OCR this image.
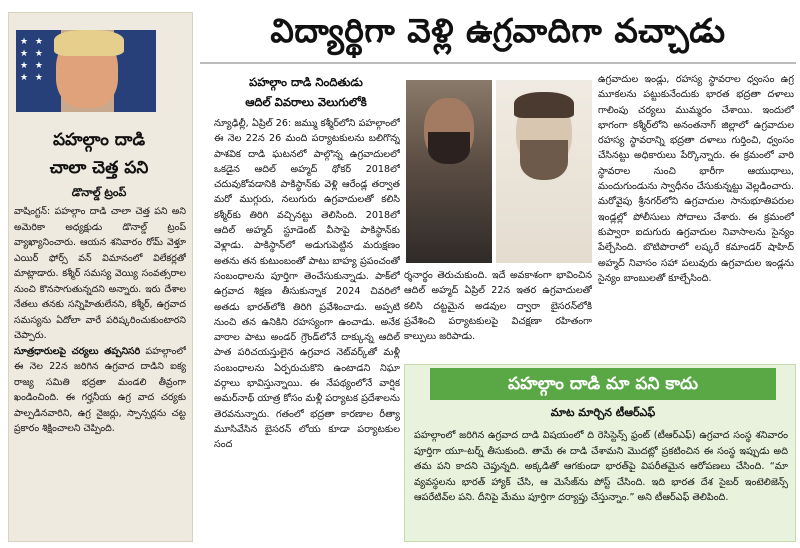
★ ★
★ ★
★ ★
★ ★
పహల్గాం దాడి
చాలా చెత్త పని
డొనాల్డ్ ట్రంప్
వాషింగ్టన్: పహల్గాం దాడి చాలా చెత్త పని అని అమెరికా అధ్యక్షుడు డొనాల్డ్ ట్రంప్ వ్యాఖ్యానించారు. ఆయన శనివారం రోమ్ వెళ్తూ ఎయిర్ ఫోర్స్ వన్ విమానంలో విలేకర్లతో మాట్లాడారు. కశ్మీర్ సమస్య వెయ్యి సంవత్సరాల నుంచి కొనసాగుతున్నదని అన్నారు. ఇరు దేశాల నేతలు తనకు సన్నిహితులేనని, కశ్మీర్, ఉగ్రవాద సమస్యను ఏదోలా వారే పరిష్కరించుకుంటారని చెప్పారు.
సూత్రధారులపై చర్యలు తప్పనిసరి పహల్గాంలో ఈ నెల 22న జరిగిన ఉగ్రవాద దాడిని ఐక్య రాజ్య సమితి భద్రతా మండలి తీవ్రంగా ఖండించింది. ఈ గర్హనీయ ఉగ్ర వాద చర్యకు పాల్పడినవారిని, ఉగ్ర నైజర్లు, స్పాన్సర్లను చట్ట ప్రకారం శిక్షించాలని చెప్పింది.
విద్యార్థిగా వెళ్లి ఉగ్రవాదిగా వచ్చాడు
పహల్గాం దాడి నిందితుడు
ఆదిల్ వివరాలు వెలుగులోకి
న్యూఢిల్లీ, ఏప్రిల్ 26: జమ్ము కశ్మీర్‌లోని పహల్గాంలో ఈ నెల 22న 26 మంది పర్యాటకులను బలిగొన్న పాశవిక దాడి ఘటనలో పాల్గొన్న ఉగ్రవాదులలో ఒకడైన ఆదిల్ అహ్మద్ థోకర్ 2018లో చదువుకోవడానికి పాకిస్థాన్‌కు వెళ్లి ఆరేండ్ల తర్వాత మరో ముగ్గురు, నలుగురు ఉగ్రవాదులతో కలిసి కశ్మీర్‌కు తిరిగి వచ్చినట్టు తెలిసింది. 2018లో ఆదిల్ అహ్మద్ స్టూడెంట్ వీసాపై పాకిస్థాన్‌కు వెళ్లాడు. పాకిస్థాన్‌లో అడుగుపెట్టిన మరుక్షణం అతను తన కుటుంబంతో పాటు బాహ్య ప్రపంచంతో సంబంధాలను పూర్తిగా తెంచేసుకున్నాడు. పాక్‌లో ఉగ్రవాద శిక్షణ తీసుకున్నాక 2024 చివరిలో అతడు భారత్‌లోకి తిరిగి ప్రవేశించాడు. అప్పటి నుంచి తన ఉనికిని రహస్యంగా ఉంచాడు. అనేక వారాల పాటు అండర్ గ్రౌండ్‌లోనే దాక్కున్న ఆదిల్ పాత పరిచయస్తులైన ఉగ్రవాద నెట్‌వర్క్‌తో మళ్లీ సంబంధాలను ఏర్పరుచుకొని ఉంటాడని నిఘా వర్గాలు భావిస్తున్నాయి. ఈ నేపథ్యంలోనే వార్షిక అమర్‌నాథ్ యాత్ర కోసం మళ్లీ పర్యాటక ప్రదేశాలను తెరవనున్నారు. గతంలో భద్రతా కారణాల రీత్యా మూసివేసిన బైసరన్ లోయ కూడా పర్యాటకుల సంద
ర్శనార్థం తెరుచుకుంది. ఇదే అవకాశంగా భావించిన ఆదిల్ అహ్మద్ ఏప్రిల్ 22న ఇతర ఉగ్రవాదులతో కలిసి దట్టమైన అడవుల ద్వారా బైసరన్‌లోకి ప్రవేశించి పర్యాటకులపై విచక్షణా రహితంగా కాల్పులు జరిపాడు.
ఉగ్రవాదుల ఇండ్లు, రహస్య స్థావరాల ధ్వంసం ఉగ్ర మూకలను పట్టుకునేందుకు భారత భద్రతా దళాలు గాలింపు చర్యలు ముమ్మరం చేశాయి. ఇందులో భాగంగా కశ్మీర్‌లోని అనంతనాగ్ జిల్లాలో ఉగ్రవాదుల రహస్య స్థావరాన్ని భద్రతా దళాలు గుర్తించి, ధ్వంసం చేసినట్టు అధికారులు పేర్కొన్నారు. ఈ క్రమంలో వారి స్థావరాల నుంచి భారీగా ఆయుధాలు, మందుగుండును స్వాధీనం చేసుకున్నట్టు వెల్లడించారు. మరోవైపు శ్రీనగర్‌లోని ఉగ్రవాదుల సానుభూతిపరుల ఇండ్లల్లో పోలీసులు సోదాలు చేశారు. ఈ క్రమంలో కుప్వారా ఐదుగురు ఉగ్రవాదుల నివాసాలను సైన్యం పేల్చేసింది. బొటిపొరాలో లష్కరే కమాండర్ షాహిద్ అహ్మద్ నివాసం సహా పలువురు ఉగ్రవాదుల ఇండ్లను సైన్యం బాంబులతో కూల్చేసింది.
పహల్గాం దాడి మా పని కాదు
మాట మార్చిన టీఆర్‌ఎఫ్
పహల్గాంలో జరిగిన ఉగ్రవాద దాడి విషయంలో ది రెసిస్టెన్స్ ఫ్రంట్ (టీఆర్‌ఎఫ్) ఉగ్రవాద సంస్థ శనివారం పూర్తిగా యూ-టర్న్ తీసుకుంది. తామే ఈ దాడి చేశామని మొదట్లో ప్రకటించిన ఈ సంస్థ ఇప్పుడు అది తమ పని కాదని చెప్తున్నది. అక్కడితో ఆగకుండా భారత్‌పై విపరీతమైన ఆరోపణలు చేసింది. “మా వ్యవస్థలను భారత్ హ్యాక్ చేసి, ఆ మెసేజ్‌ను పోస్ట్ చేసింది. ఇది భారత దేశ సైబర్ ఇంటెలిజెన్స్ ఆపరేటివ్‌ల పని. దీనిపై మేము పూర్తిగా దర్యాప్తు చేస్తున్నాం.” అని టీఆర్‌ఎఫ్ తెలిపింది.
